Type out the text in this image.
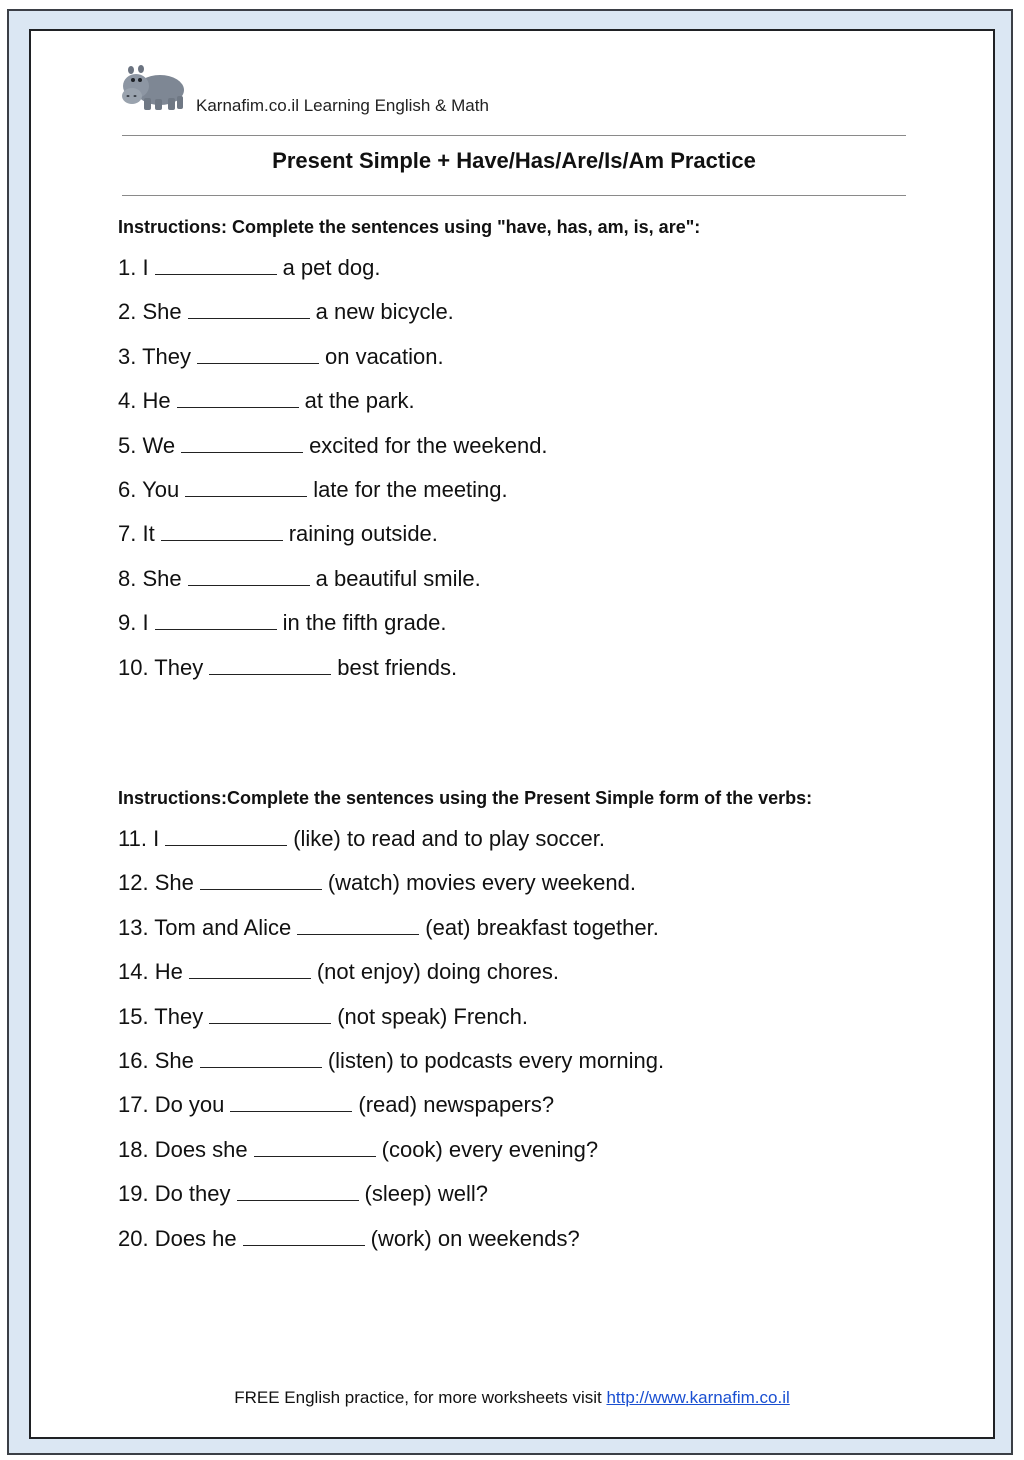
Karnafim.co.il Learning English & Math
Present Simple + Have/Has/Are/Is/Am Practice
Instructions: Complete the sentences using "have, has, am, is, are":
1. I	a pet dog.
2. She	a new bicycle.
3. They	on vacation.
4. He	at the park.
5. We	excited for the weekend.
6. You	late for the meeting.
7. It	raining outside.
8. She	a beautiful smile.
9. I	in the fifth grade.
10. They	best friends.
Instructions:Complete the sentences using the Present Simple form of the verbs:
11. I	(like) to read and to play soccer.
12. She	(watch) movies every weekend.
13. Tom and Alice	(eat) breakfast together.
14. He	(not enjoy) doing chores.
15. They	(not speak) French.
16. She	(listen) to podcasts every morning.
17. Do you	(read) newspapers?
18. Does she	(cook) every evening?
19. Do they	(sleep) well?
20. Does he	(work) on weekends?
FREE English practice, for more worksheets visit http://www.karnafim.co.il
